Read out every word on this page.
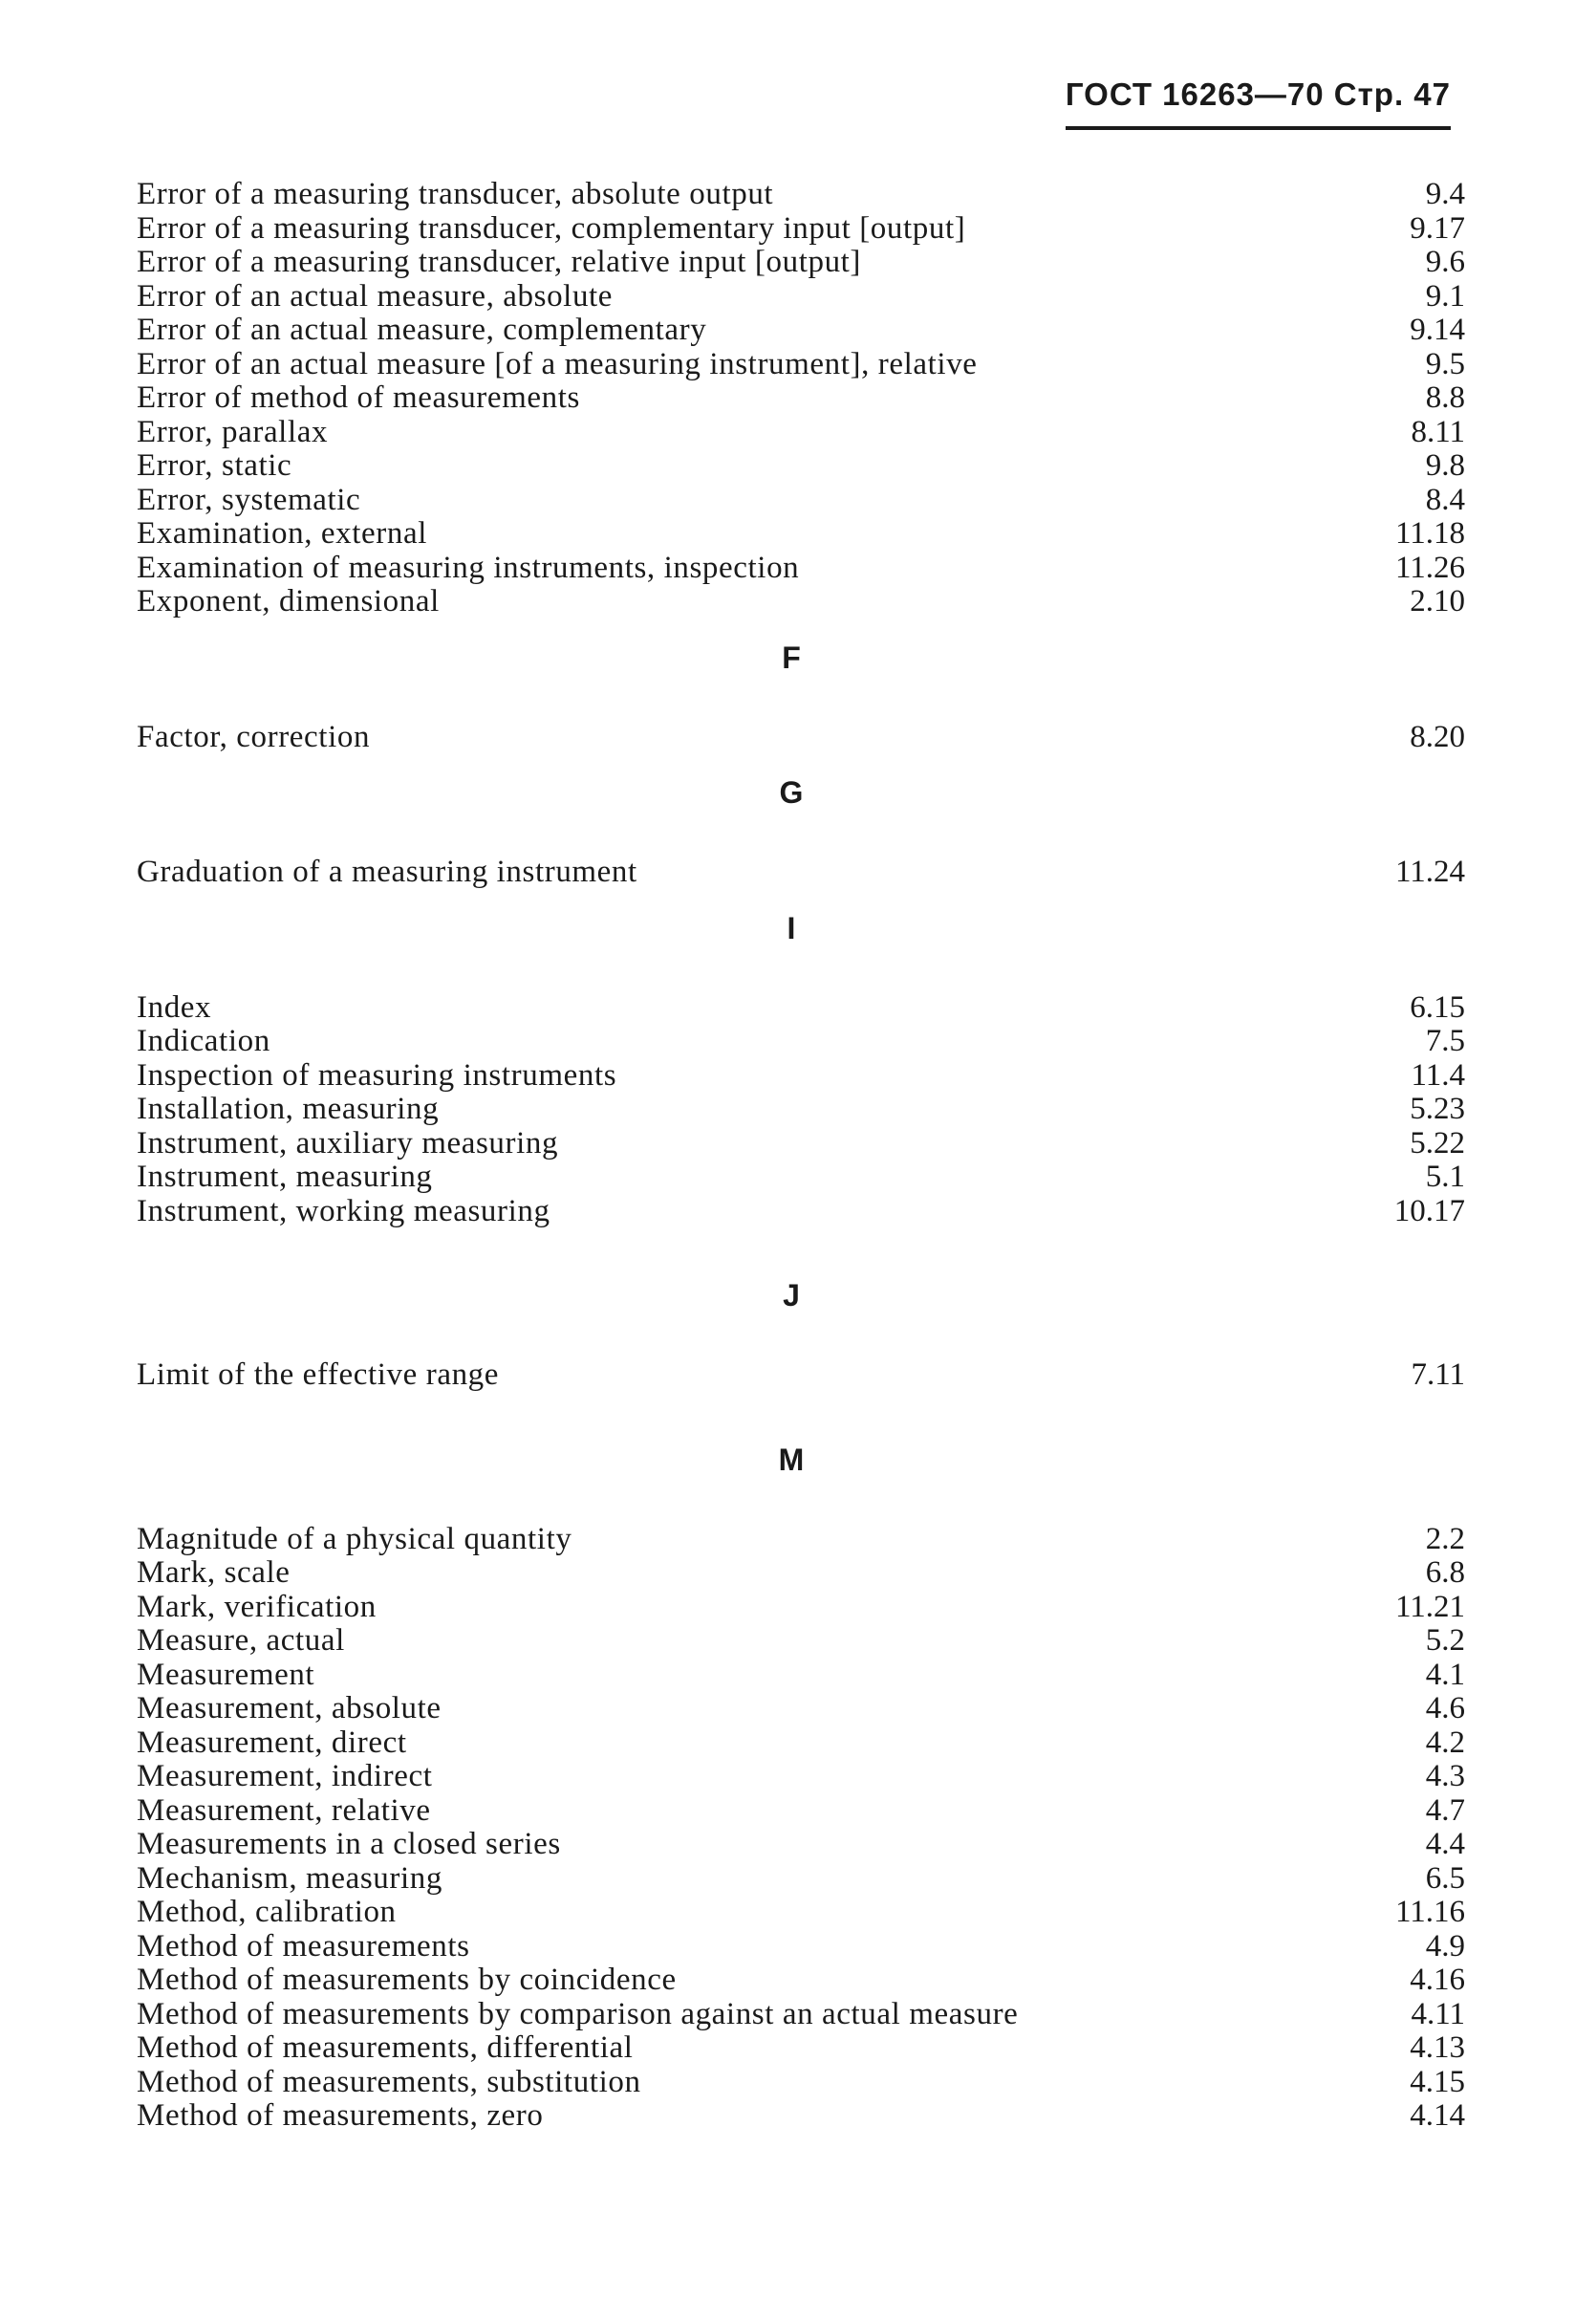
ГОСТ 16263—70 Стр. 47
Error of a measuring transducer, absolute output	9.4
Error of a measuring transducer, complementary input [output]	9.17
Error of a measuring transducer, relative input [output]	9.6
Error of an actual measure, absolute	9.1
Error of an actual measure, complementary	9.14
Error of an actual measure [of a measuring instrument], relative	9.5
Error of method of measurements	8.8
Error, parallax	8.11
Error, static	9.8
Error, systematic	8.4
Examination, external	11.18
Examination of measuring instruments, inspection	11.26
Exponent, dimensional	2.10
F
Factor, correction	8.20
G
Graduation of a measuring instrument	11.24
I
Index	6.15
Indication	7.5
Inspection of measuring instruments	11.4
Installation, measuring	5.23
Instrument, auxiliary measuring	5.22
Instrument, measuring	5.1
Instrument, working measuring	10.17
J
Limit of the effective range	7.11
M
Magnitude of a physical quantity	2.2
Mark, scale	6.8
Mark, verification	11.21
Measure, actual	5.2
Measurement	4.1
Measurement, absolute	4.6
Measurement, direct	4.2
Measurement, indirect	4.3
Measurement, relative	4.7
Measurements in a closed series	4.4
Mechanism, measuring	6.5
Method, calibration	11.16
Method of measurements	4.9
Method of measurements by coincidence	4.16
Method of measurements by comparison against an actual measure	4.11
Method of measurements, differential	4.13
Method of measurements, substitution	4.15
Method of measurements, zero	4.14
